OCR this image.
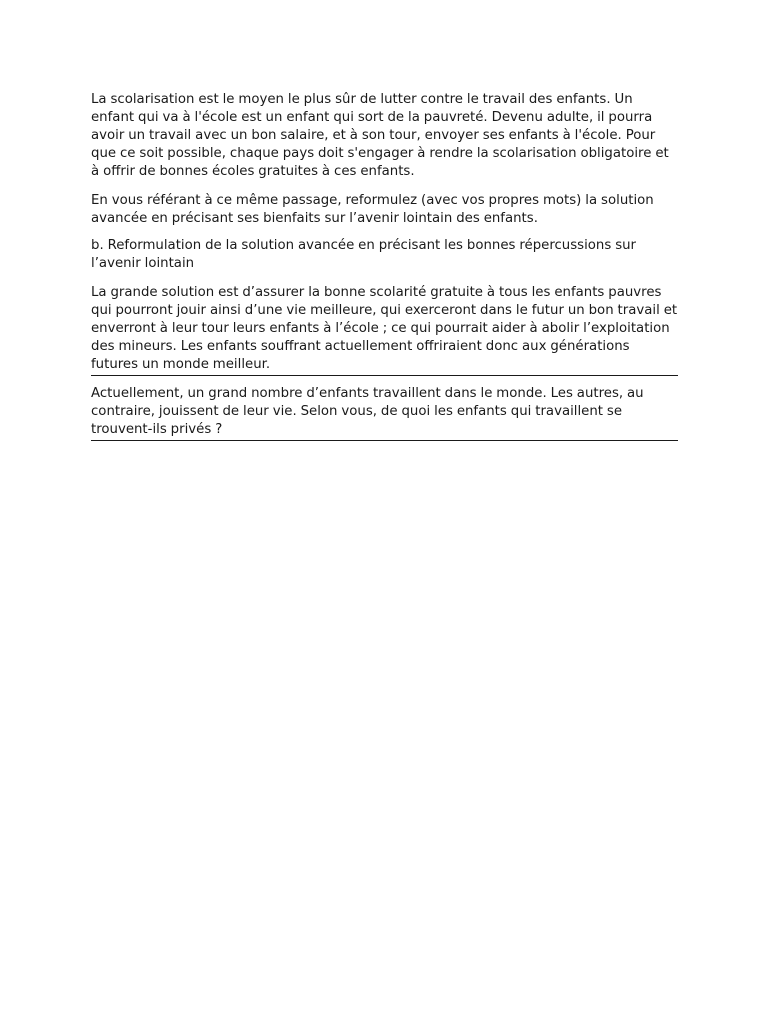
La scolarisation est le moyen le plus sûr de lutter contre le travail des enfants. Un enfant qui va à l'école est un enfant qui sort de la pauvreté. Devenu adulte, il pourra avoir un travail avec un bon salaire, et à son tour, envoyer ses enfants à l'école. Pour que ce soit possible, chaque pays doit s'engager à rendre la scolarisation obligatoire et à offrir de bonnes écoles gratuites à ces enfants.

En vous référant à ce même passage, reformulez (avec vos propres mots) la solution avancée en précisant ses bienfaits sur l’avenir lointain des enfants.

b. Reformulation de la solution avancée en précisant les bonnes répercussions sur l’avenir lointain

La grande solution est d’assurer la bonne scolarité gratuite à tous les enfants pauvres qui pourront jouir ainsi d’une vie meilleure, qui exerceront dans le futur un bon travail et enverront à leur tour leurs enfants à l’école ; ce qui pourrait aider à abolir l’exploitation des mineurs. Les enfants souffrant actuellement offriraient donc aux générations futures un monde meilleur.

Actuellement, un grand nombre d’enfants travaillent dans le monde. Les autres, au contraire, jouissent de leur vie. Selon vous, de quoi les enfants qui travaillent se trouvent-ils privés ?
